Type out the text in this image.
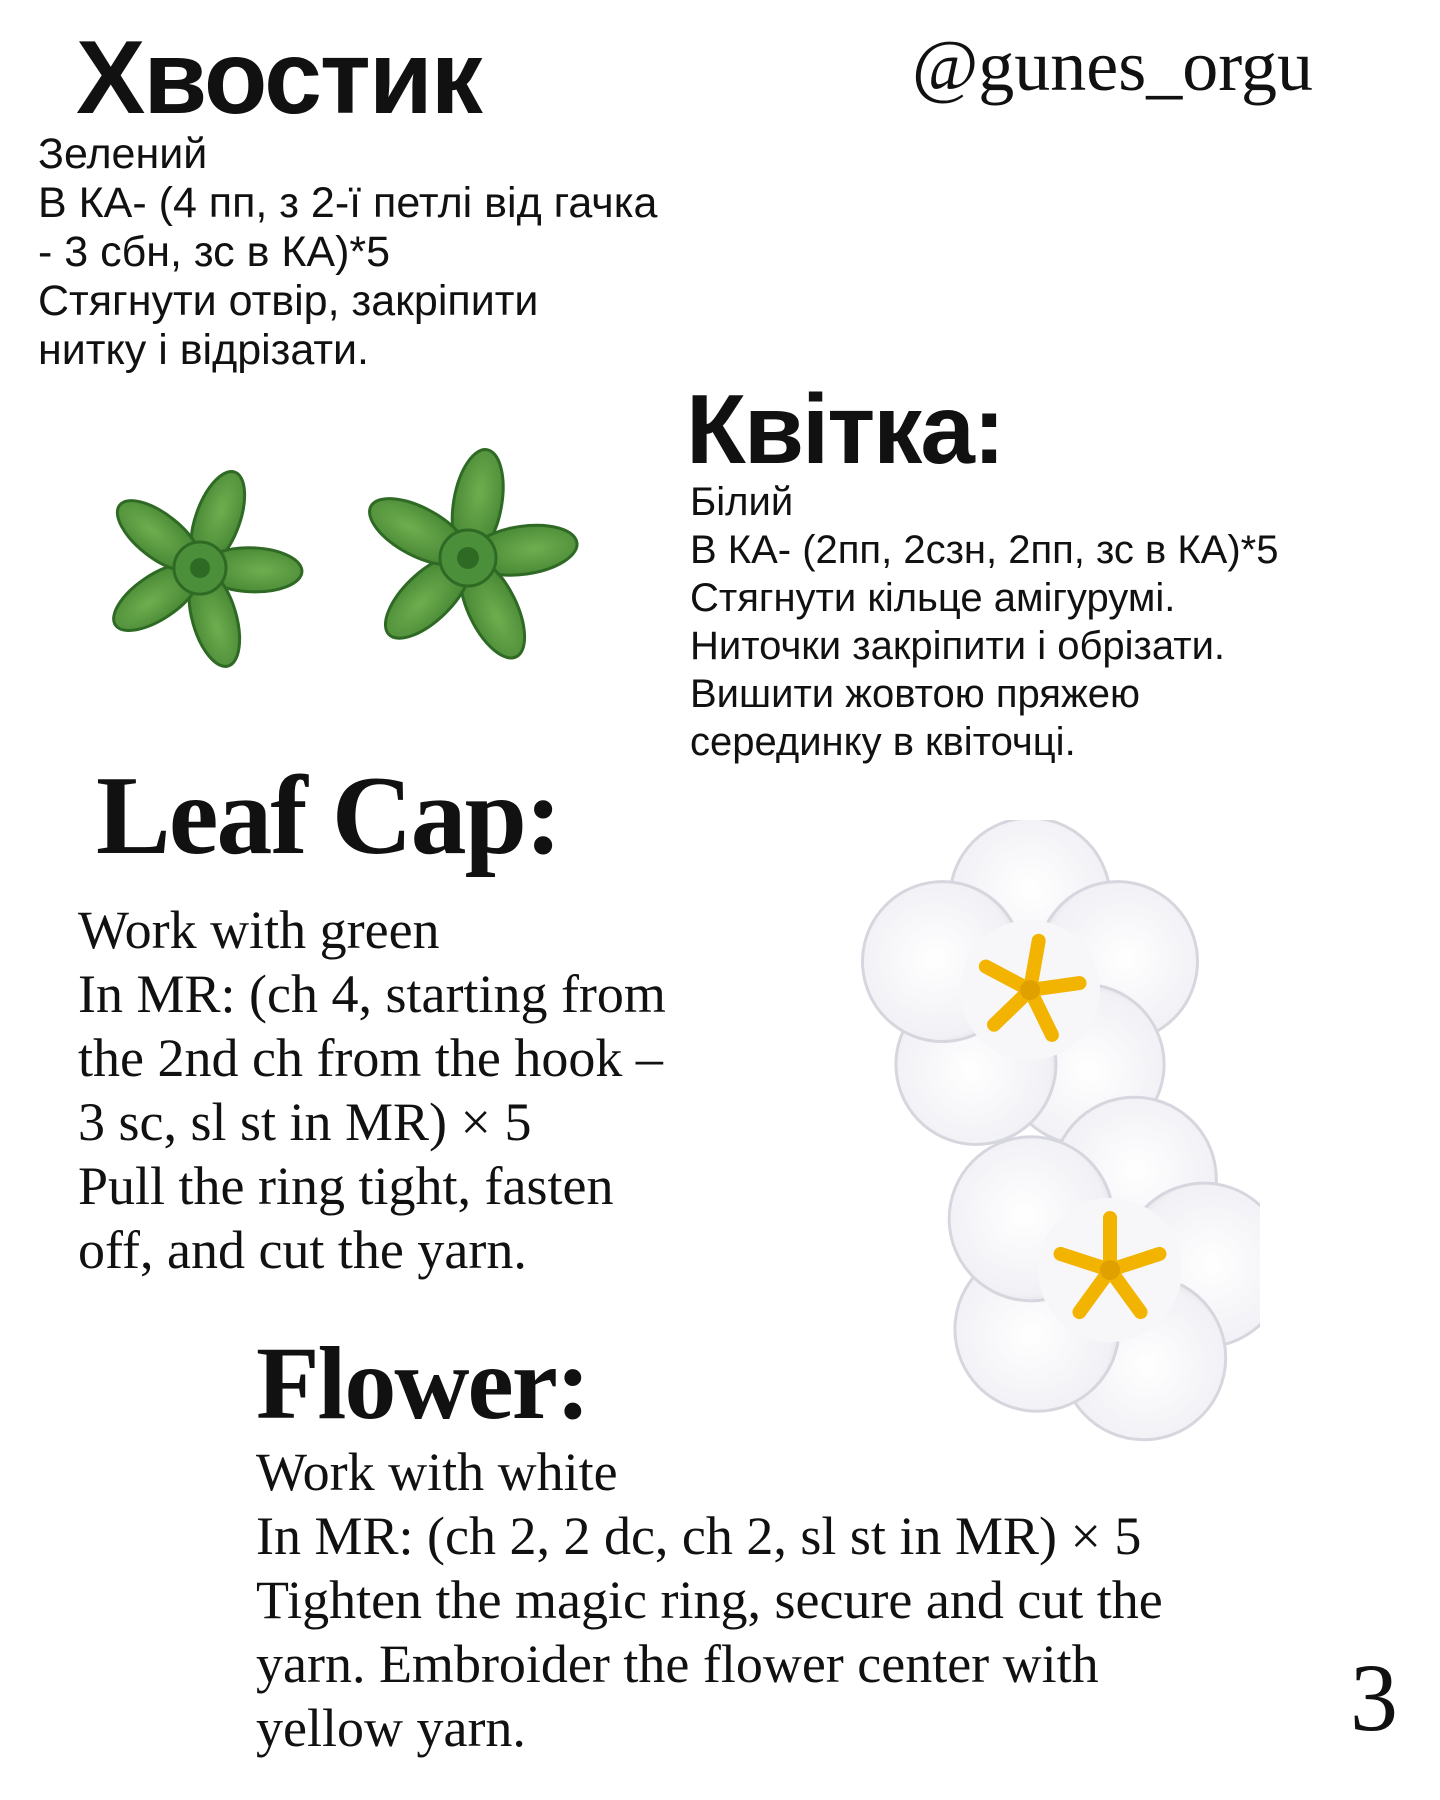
Хвостик	@gunes_orgu
Зелений
В КА- (4 пп, з 2-ї петлі від гачка
- 3 сбн, зс в КА)*5
Стягнути отвір, закріпити
нитку і відрізати.
Квітка:
Білий
В КА- (2пп, 2сзн, 2пп, зс в КА)*5
Стягнути кільце амігурумі.
Ниточки закріпити і обрізати.
Вишити жовтою пряжею
серединку в квіточці.
Leaf Cap:
Work with green
In MR: (ch 4, starting from
the 2nd ch from the hook –
3 sc, sl st in MR) × 5
Pull the ring tight, fasten
off, and cut the yarn.
Flower:
Work with white
In MR: (ch 2, 2 dc, ch 2, sl st in MR) × 5
Tighten the magic ring, secure and cut the
yarn. Embroider the flower center with
yellow yarn.	3
